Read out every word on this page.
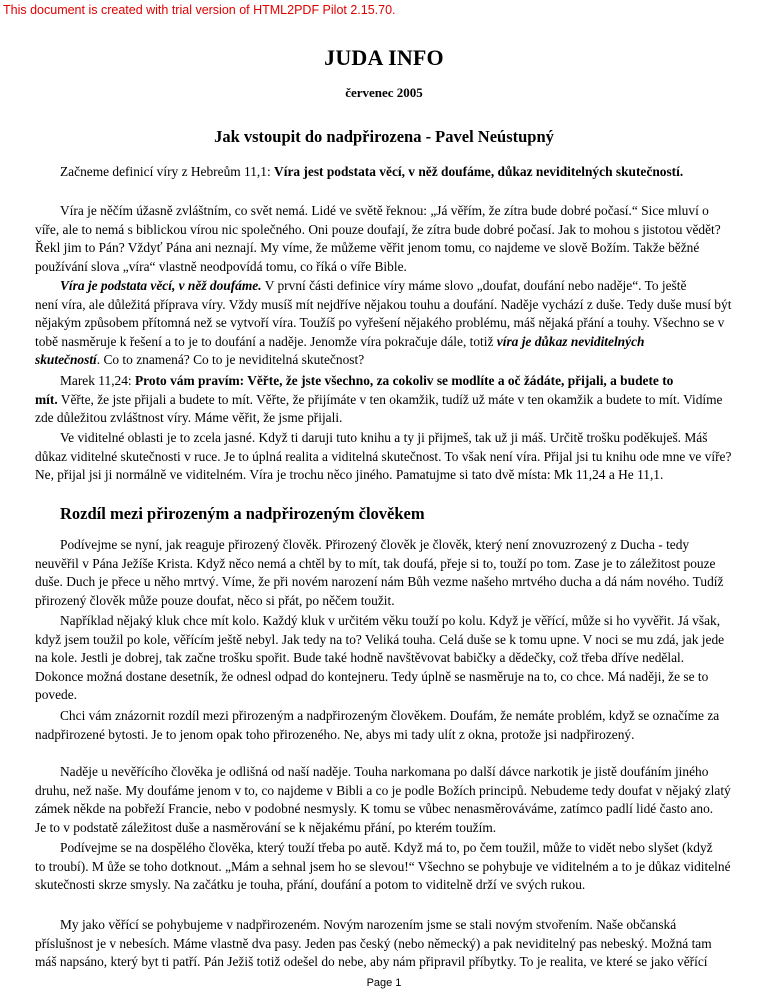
This document is created with trial version of HTML2PDF Pilot 2.15.70.
JUDA INFO
červenec 2005
Jak vstoupit do nadpřirozena - Pavel Neústupný
Začneme definicí víry z Hebreům 11,1: Víra jest podstata věcí, v něž doufáme, důkaz neviditelných skutečností.
Víra je něčím úžasně zvláštním, co svět nemá. Lidé ve světě řeknou: „Já věřím, že zítra bude dobré počasí.“ Sice mluví o
víře, ale to nemá s biblickou vírou nic společného. Oni pouze doufají, že zítra bude dobré počasí. Jak to mohou s jistotou vědět?
Řekl jim to Pán? Vždyť Pána ani neznají. My víme, že můžeme věřit jenom tomu, co najdeme ve slově Božím. Takže běžné
používání slova „víra“ vlastně neodpovídá tomu, co říká o víře Bible.
Víra je podstata věcí, v něž doufáme. V první části definice víry máme slovo „doufat, doufání nebo naděje“. To ještě
není víra, ale důležitá příprava víry. Vždy musíš mít nejdříve nějakou touhu a doufání. Naděje vychází z duše. Tedy duše musí být
nějakým způsobem přítomná než se vytvoří víra. Toužíš po vyřešení nějakého problému, máš nějaká přání a touhy. Všechno se v
tobě nasměruje k řešení a to je to doufání a naděje. Jenomže víra pokračuje dále, totiž víra je důkaz neviditelných
skutečností. Co to znamená? Co to je neviditelná skutečnost?
Marek 11,24: Proto vám pravím: Věřte, že jste všechno, za cokoliv se modlíte a oč žádáte, přijali, a budete to
mít. Věřte, že jste přijali a budete to mít. Věřte, že přijímáte v ten okamžik, tudíž už máte v ten okamžik a budete to mít. Vidíme
zde důležitou zvláštnost víry. Máme věřit, že jsme přijali.
Ve viditelné oblasti je to zcela jasné. Když ti daruji tuto knihu a ty ji přijmeš, tak už ji máš. Určitě trošku poděkuješ. Máš
důkaz viditelné skutečnosti v ruce. Je to úplná realita a viditelná skutečnost. To však není víra. Přijal jsi tu knihu ode mne ve víře?
Ne, přijal jsi ji normálně ve viditelném. Víra je trochu něco jiného. Pamatujme si tato dvě místa: Mk 11,24 a He 11,1.
Rozdíl mezi přirozeným a nadpřirozeným člověkem
Podívejme se nyní, jak reaguje přirozený člověk. Přirozený člověk je člověk, který není znovuzrozený z Ducha - tedy
neuvěřil v Pána Ježíše Krista. Když něco nemá a chtěl by to mít, tak doufá, přeje si to, touží po tom. Zase je to záležitost pouze
duše. Duch je přece u něho mrtvý. Víme, že při novém narození nám Bůh vezme našeho mrtvého ducha a dá nám nového. Tudíž
přirozený člověk může pouze doufat, něco si přát, po něčem toužit.
Například nějaký kluk chce mít kolo. Každý kluk v určitém věku touží po kolu. Když je věřící, může si ho vyvěřit. Já však,
když jsem toužil po kole, věřícím ještě nebyl. Jak tedy na to? Veliká touha. Celá duše se k tomu upne. V noci se mu zdá, jak jede
na kole. Jestli je dobrej, tak začne trošku spořit. Bude také hodně navštěvovat babičky a dědečky, což třeba dříve nedělal.
Dokonce možná dostane desetník, že odnesl odpad do kontejneru. Tedy úplně se nasměruje na to, co chce. Má naději, že se to
povede.
Chci vám znázornit rozdíl mezi přirozeným a nadpřirozeným člověkem. Doufám, že nemáte problém, když se označíme za
nadpřirozené bytosti. Je to jenom opak toho přirozeného. Ne, abys mi tady ulít z okna, protože jsi nadpřirozený.
Naděje u nevěřícího člověka je odlišná od naší naděje. Touha narkomana po další dávce narkotik je jistě doufáním jiného
druhu, než naše. My doufáme jenom v to, co najdeme v Bibli a co je podle Božích principů. Nebudeme tedy doufat v nějaký zlatý
zámek někde na pobřeží Francie, nebo v podobné nesmysly. K tomu se vůbec nenasměrováváme, zatímco padlí lidé často ano.
Je to v podstatě záležitost duše a nasměrování se k nějakému přání, po kterém toužím.
Podívejme se na dospělého člověka, který touží třeba po autě. Když má to, po čem toužil, může to vidět nebo slyšet (když
to troubí). M ůže se toho dotknout. „Mám a sehnal jsem ho se slevou!“ Všechno se pohybuje ve viditelném a to je důkaz viditelné
skutečnosti skrze smysly. Na začátku je touha, přání, doufání a potom to viditelně drží ve svých rukou.
My jako věřící se pohybujeme v nadpřirozeném. Novým narozením jsme se stali novým stvořením. Naše občanská
příslušnost je v nebesích. Máme vlastně dva pasy. Jeden pas český (nebo německý) a pak neviditelný pas nebeský. Možná tam
máš napsáno, který byt ti patří. Pán Ježiš totiž odešel do nebe, aby nám připravil příbytky. To je realita, ve které se jako věřící
Page 1
